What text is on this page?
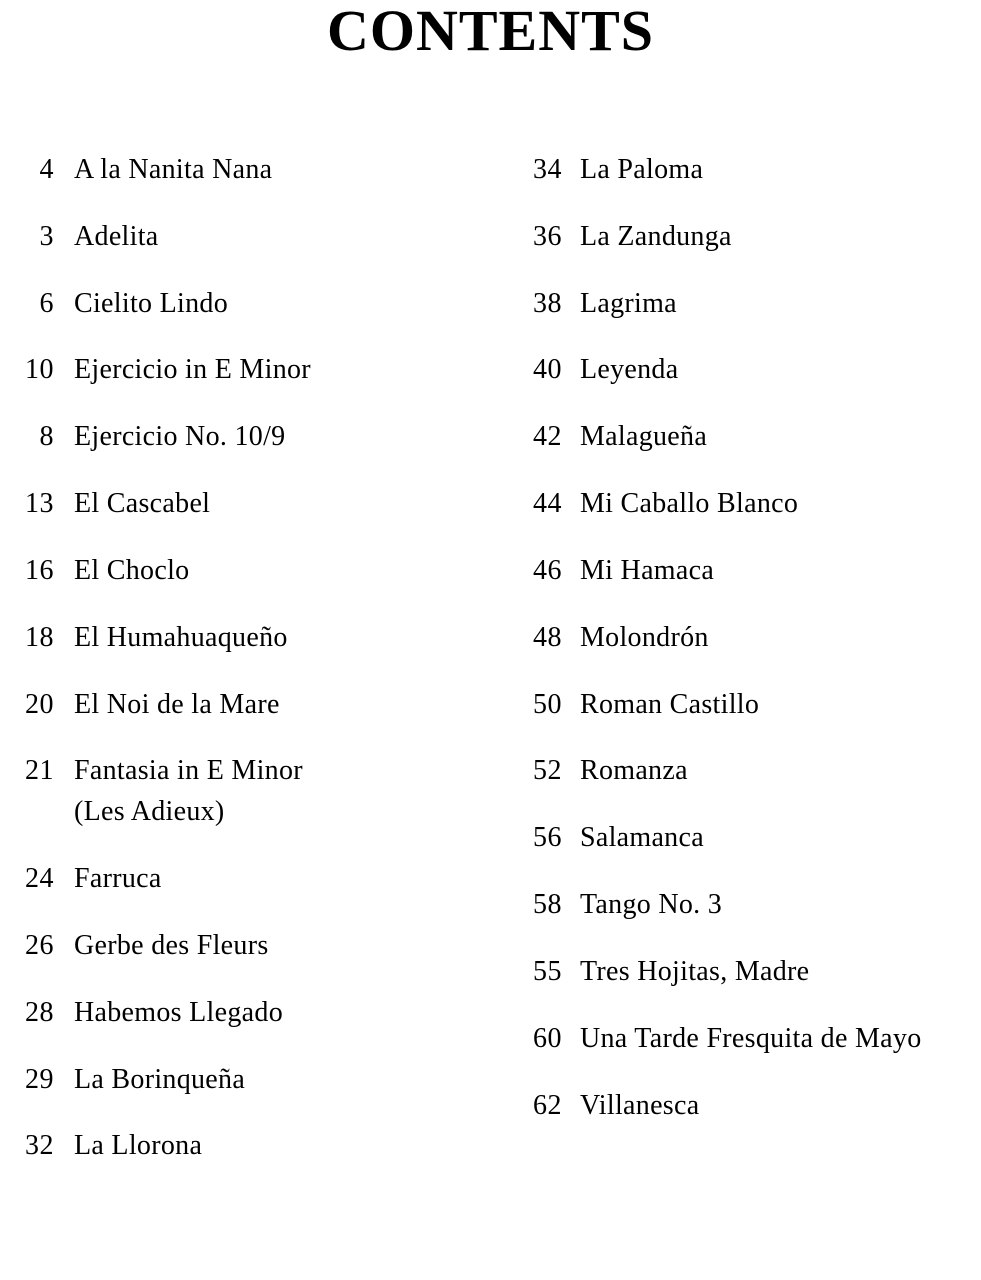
CONTENTS
4 A la Nanita Nana
3 Adelita
6 Cielito Lindo
10 Ejercicio in E Minor
8 Ejercicio No. 10/9
13 El Cascabel
16 El Choclo
18 El Humahuaqueño
20 El Noi de la Mare
21 Fantasia in E Minor
(Les Adieux)
24 Farruca
26 Gerbe des Fleurs
28 Habemos Llegado
29 La Borinqueña
32 La Llorona
34 La Paloma
36 La Zandunga
38 Lagrima
40 Leyenda
42 Malagueña
44 Mi Caballo Blanco
46 Mi Hamaca
48 Molondrón
50 Roman Castillo
52 Romanza
56 Salamanca
58 Tango No. 3
55 Tres Hojitas, Madre
60 Una Tarde Fresquita de Mayo
62 Villanesca
